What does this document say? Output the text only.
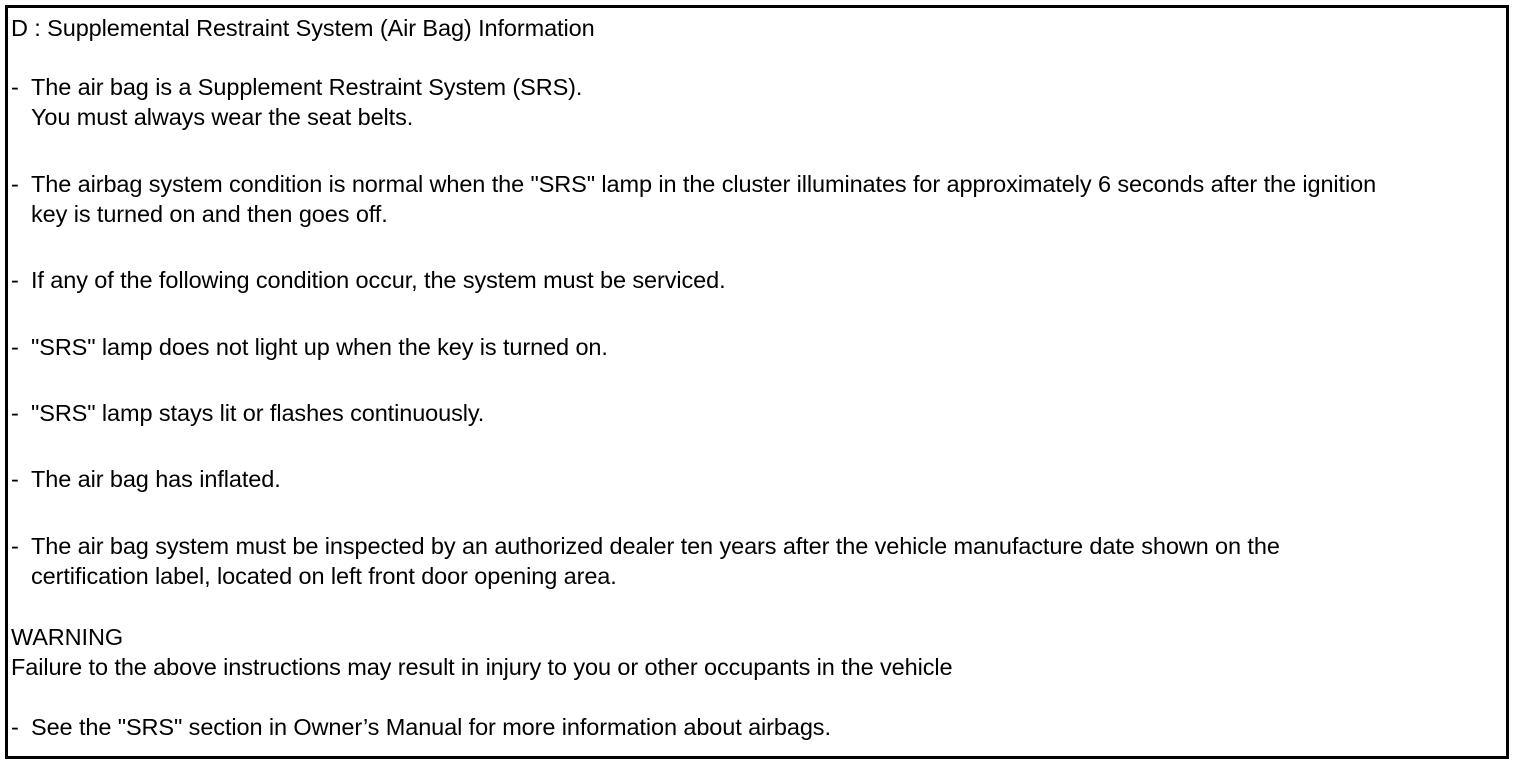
D : Supplemental Restraint System (Air Bag) Information
- The air bag is a Supplement Restraint System (SRS).
You must always wear the seat belts.
- The airbag system condition is normal when the "SRS" lamp in the cluster illuminates for approximately 6 seconds after the ignition
key is turned on and then goes off.
- If any of the following condition occur, the system must be serviced.
- "SRS" lamp does not light up when the key is turned on.
- "SRS" lamp stays lit or flashes continuously.
- The air bag has inflated.
- The air bag system must be inspected by an authorized dealer ten years after the vehicle manufacture date shown on the
certification label, located on left front door opening area.
WARNING
Failure to the above instructions may result in injury to you or other occupants in the vehicle
- See the "SRS" section in Owner’s Manual for more information about airbags.
